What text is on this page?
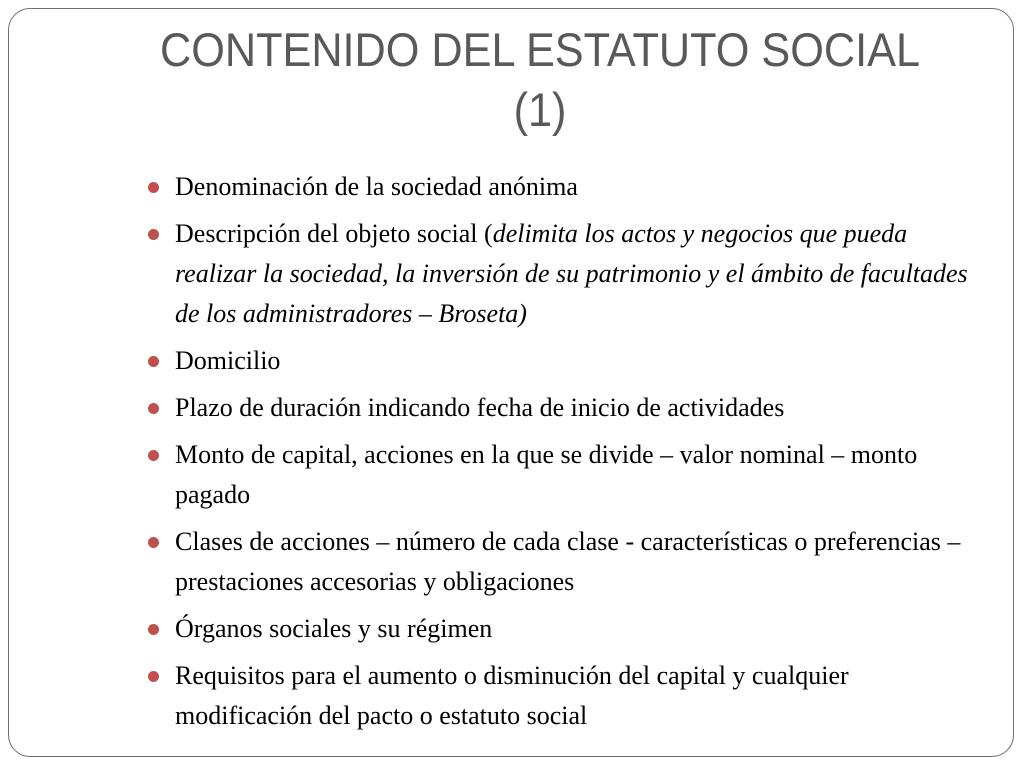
CONTENIDO DEL ESTATUTO SOCIAL
(1)
Denominación de la sociedad anónima
Descripción del objeto social (delimita los actos y negocios que pueda realizar la sociedad, la inversión de su patrimonio y el ámbito de facultades de los administradores – Broseta)
Domicilio
Plazo de duración indicando fecha de inicio de actividades
Monto de capital, acciones en la que se divide – valor nominal – monto pagado
Clases de acciones – número de cada clase - características o preferencias – prestaciones accesorias y obligaciones
Órganos sociales y su régimen
Requisitos para el aumento o disminución del capital y cualquier modificación del pacto o estatuto social
